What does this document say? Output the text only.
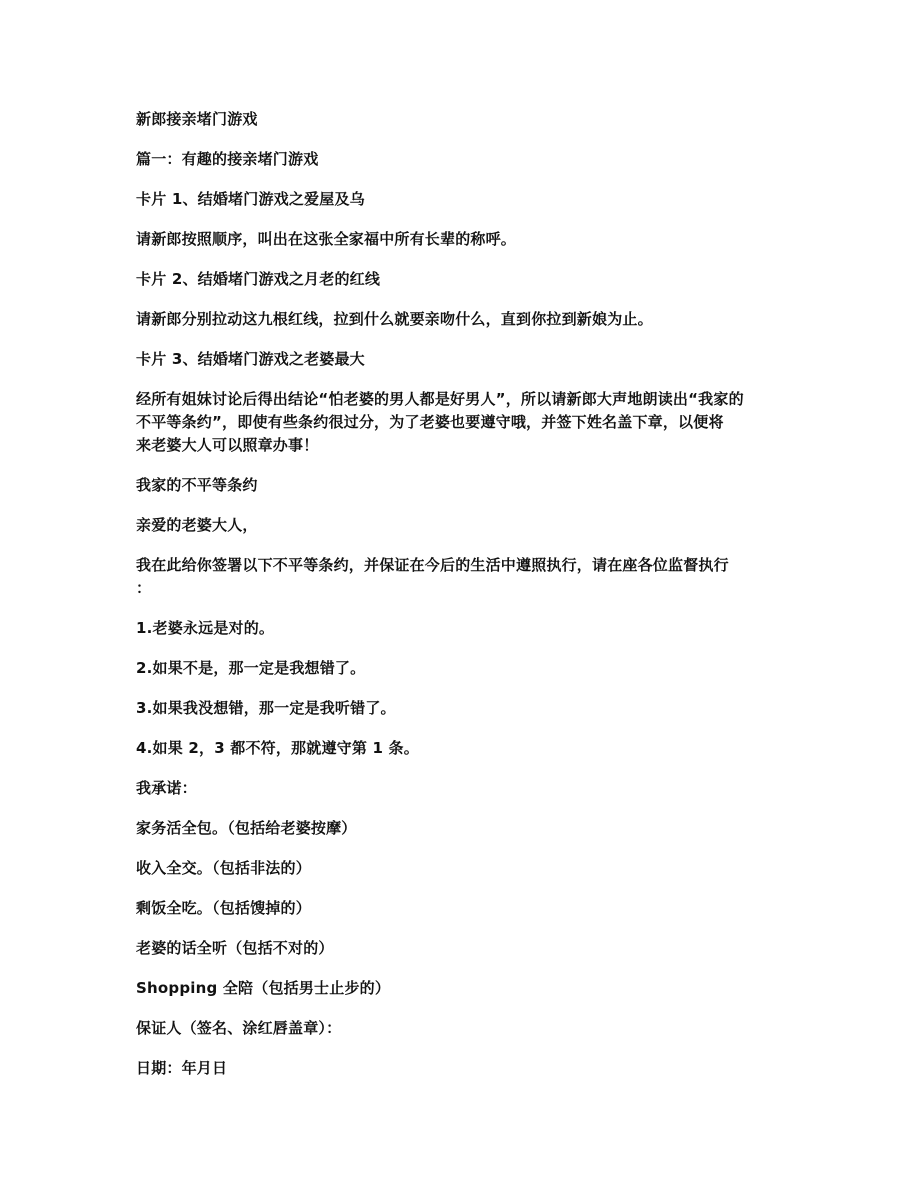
新郎接亲堵门游戏

篇一：有趣的接亲堵门游戏

卡片 1、结婚堵门游戏之爱屋及乌

请新郎按照顺序，叫出在这张全家福中所有长辈的称呼。

卡片 2、结婚堵门游戏之月老的红线

请新郎分别拉动这九根红线，拉到什么就要亲吻什么，直到你拉到新娘为止。

卡片 3、结婚堵门游戏之老婆最大

经所有姐妹讨论后得出结论“怕老婆的男人都是好男人”，所以请新郎大声地朗读出“我家的

不平等条约”，即使有些条约很过分，为了老婆也要遵守哦，并签下姓名盖下章，以便将

来老婆大人可以照章办事！

我家的不平等条约

亲爱的老婆大人，

我在此给你签署以下不平等条约，并保证在今后的生活中遵照执行，请在座各位监督执行

：

1.老婆永远是对的。

2.如果不是，那一定是我想错了。

3.如果我没想错，那一定是我听错了。

4.如果 2，3 都不符，那就遵守第 1 条。

我承诺：

家务活全包。（包括给老婆按摩）

收入全交。（包括非法的）

剩饭全吃。（包括馊掉的）

老婆的话全听（包括不对的）

Shopping 全陪（包括男士止步的）

保证人（签名、涂红唇盖章）：

日期：年月日
